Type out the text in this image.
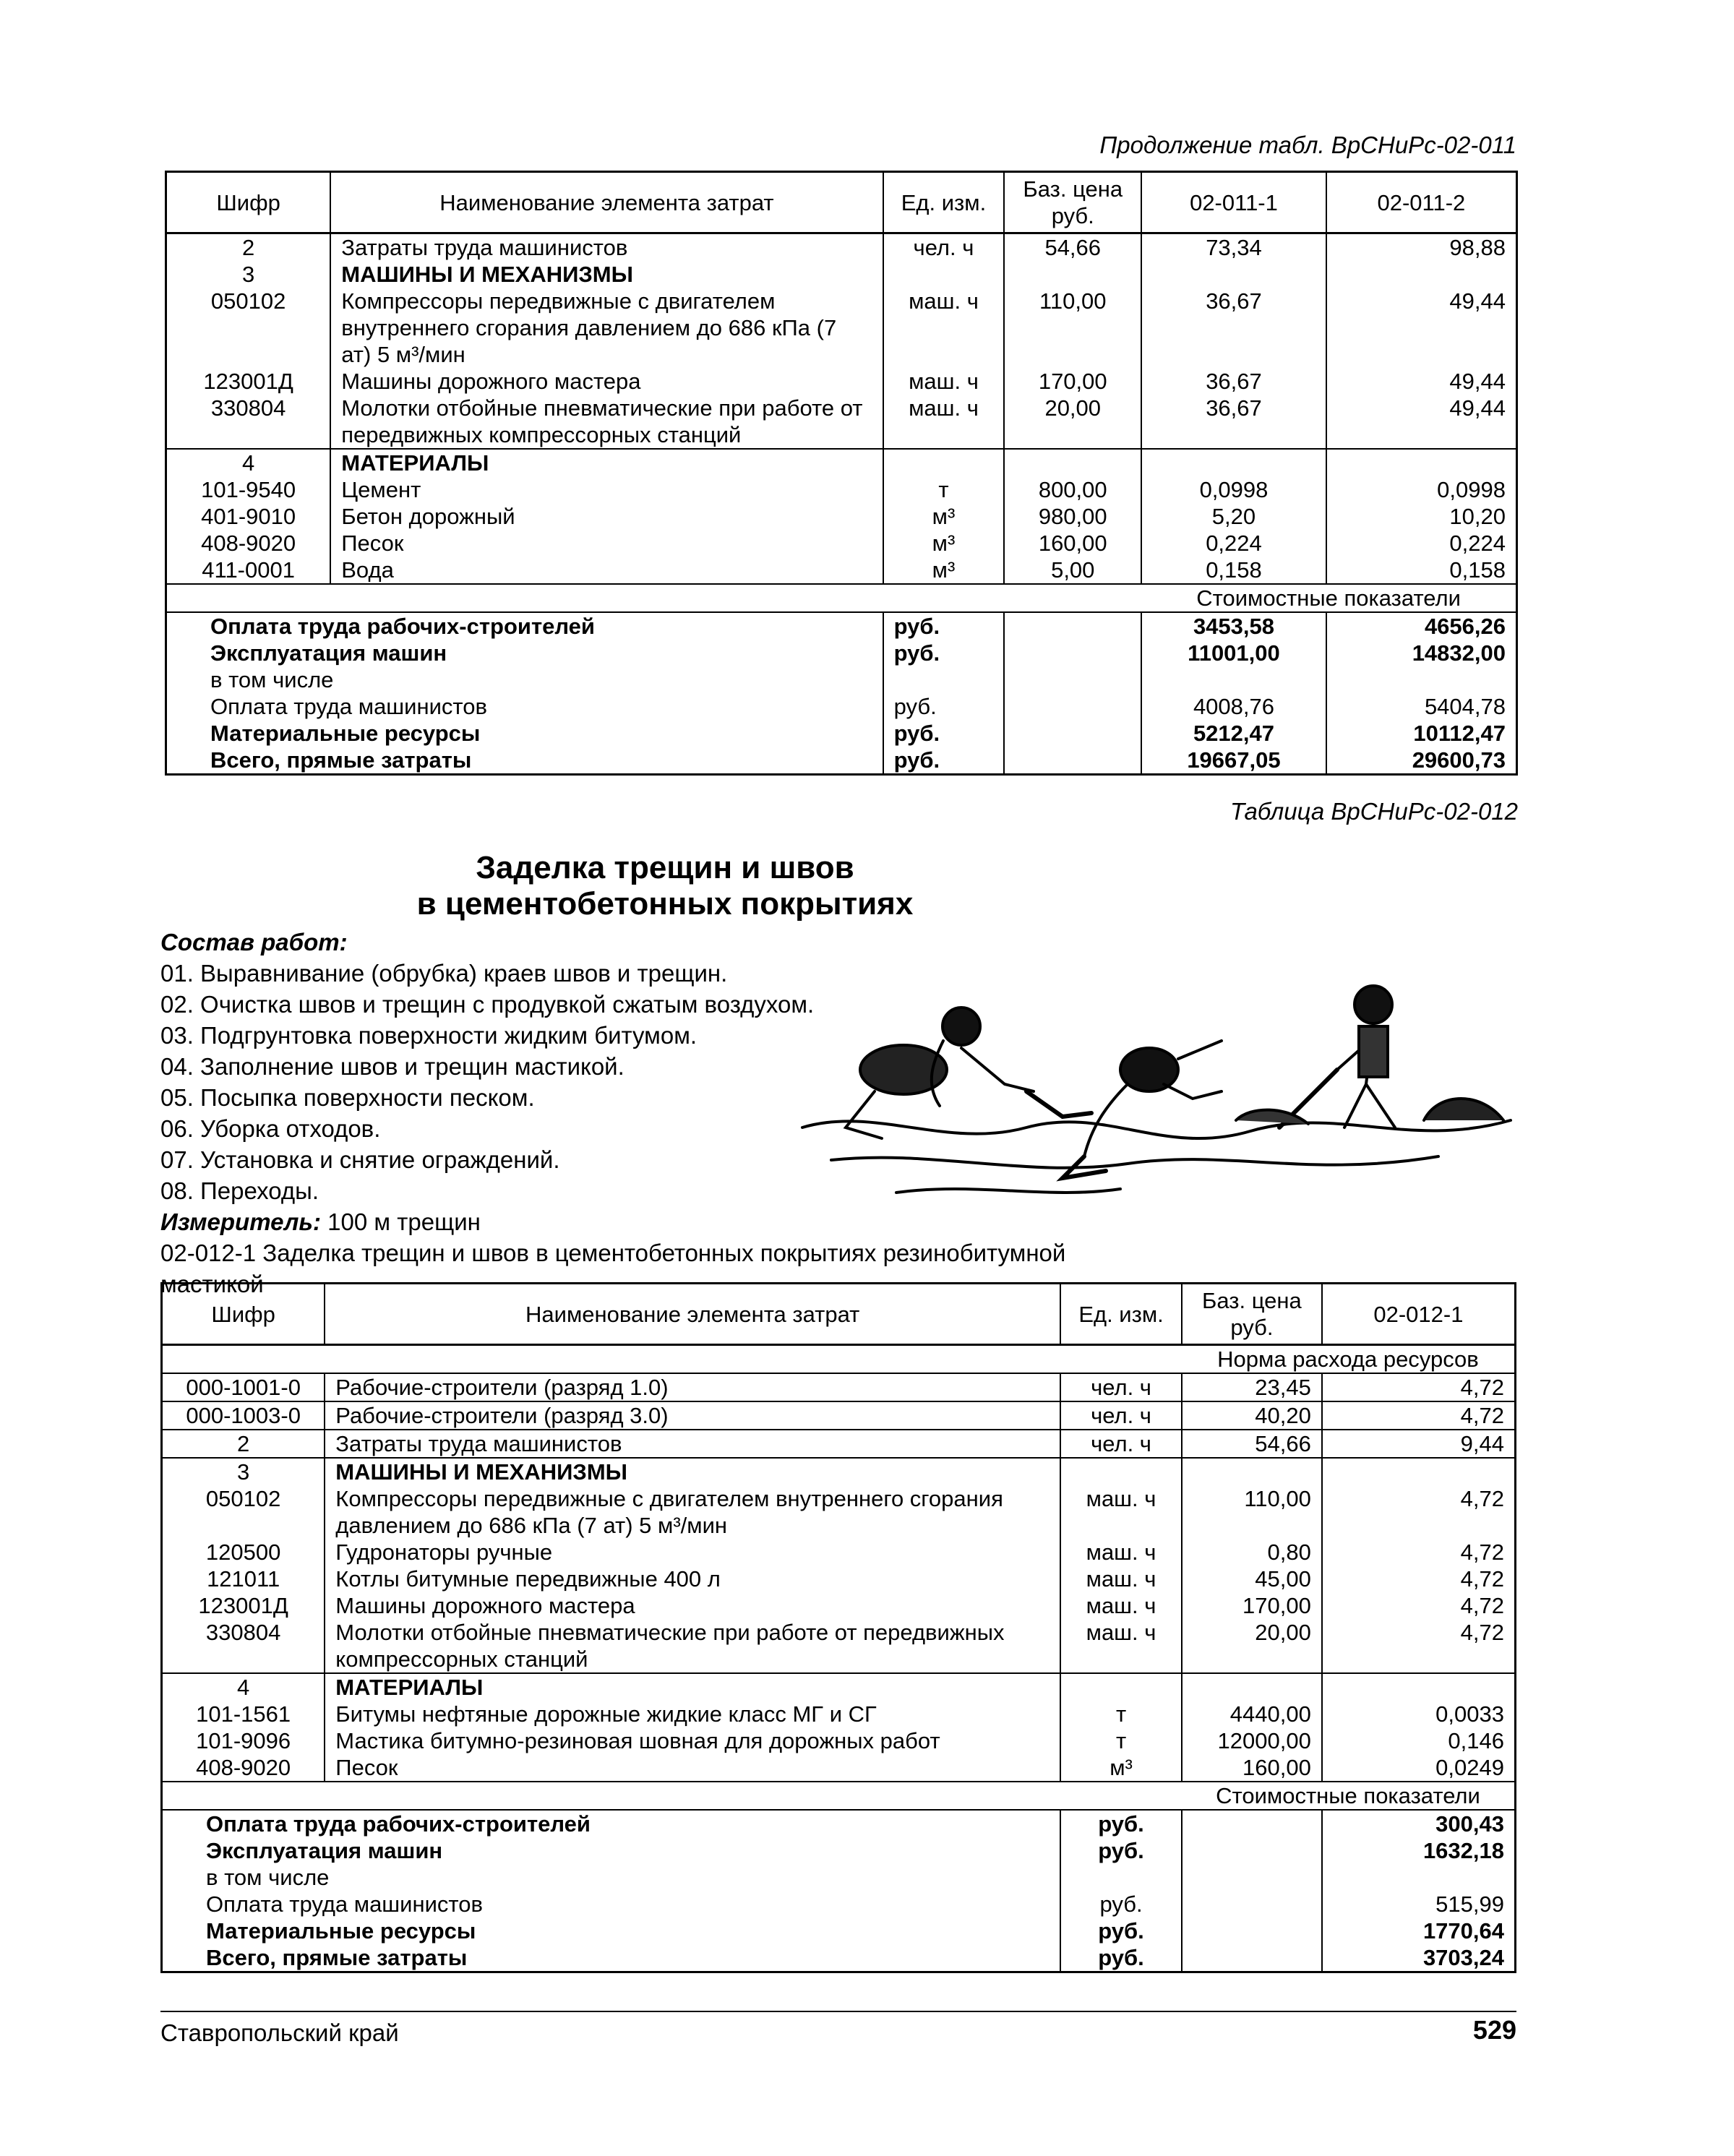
Продолжение табл. ВрСНиРс-02-011
Шифр	Наименование элемента затрат	Ед. изм.	Баз. цена руб.	02-011-1	02-011-2
2	Затраты труда машинистов	чел. ч	54,66	73,34	98,88
3	МАШИНЫ И МЕХАНИЗМЫ				
050102	Компрессоры передвижные с двигателем внутреннего сгорания давлением до 686 кПа (7 ат) 5 м³/мин	маш. ч	110,00	36,67	49,44
123001Д	Машины дорожного мастера	маш. ч	170,00	36,67	49,44
330804	Молотки отбойные пневматические при работе от передвижных компрессорных станций	маш. ч	20,00	36,67	49,44
4	МАТЕРИАЛЫ				
101-9540	Цемент	т	800,00	0,0998	0,0998
401-9010	Бетон дорожный	м³	980,00	5,20	10,20
408-9020	Песок	м³	160,00	0,224	0,224
411-0001	Вода	м³	5,00	0,158	0,158
				Стоимостные показатели	
Оплата труда рабочих-строителей		руб.		3453,58	4656,26
Эксплуатация машин		руб.		11001,00	14832,00
в том числе					
Оплата труда машинистов		руб.		4008,76	5404,78
Материальные ресурсы		руб.		5212,47	10112,47
Всего, прямые затраты		руб.		19667,05	29600,73
Таблица ВрСНиРс-02-012
Заделка трещин и швов
в цементобетонных покрытиях
Состав работ:
01. Выравнивание (обрубка) краев швов и трещин.
02. Очистка швов и трещин с продувкой сжатым воздухом.
03. Подгрунтовка поверхности жидким битумом.
04. Заполнение швов и трещин мастикой.
05. Посыпка поверхности песком.
06. Уборка отходов.
07. Установка и снятие ограждений.
08. Переходы.
Измеритель: 100 м трещин
02-012-1 Заделка трещин и швов в цементобетонных покрытиях резинобитумной мастикой
Шифр	Наименование элемента затрат	Ед. изм.	Баз. цена руб.	02-012-1
			Норма расхода ресурсов	
000-1001-0	Рабочие-строители (разряд 1.0)	чел. ч	23,45	4,72
000-1003-0	Рабочие-строители (разряд 3.0)	чел. ч	40,20	4,72
2	Затраты труда машинистов	чел. ч	54,66	9,44
3	МАШИНЫ И МЕХАНИЗМЫ			
050102	Компрессоры передвижные с двигателем внутреннего сгорания давлением до 686 кПа (7 ат) 5 м³/мин	маш. ч	110,00	4,72
120500	Гудронаторы ручные	маш. ч	0,80	4,72
121011	Котлы битумные передвижные 400 л	маш. ч	45,00	4,72
123001Д	Машины дорожного мастера	маш. ч	170,00	4,72
330804	Молотки отбойные пневматические при работе от передвижных компрессорных станций	маш. ч	20,00	4,72
4	МАТЕРИАЛЫ			
101-1561	Битумы нефтяные дорожные жидкие класс МГ и СГ	т	4440,00	0,0033
101-9096	Мастика битумно-резиновая шовная для дорожных работ	т	12000,00	0,146
408-9020	Песок	м³	160,00	0,0249
			Стоимостные показатели	
Оплата труда рабочих-строителей		руб.		300,43
Эксплуатация машин		руб.		1632,18
в том числе				
Оплата труда машинистов		руб.		515,99
Материальные ресурсы		руб.		1770,64
Всего, прямые затраты		руб.		3703,24
Ставропольский край	529
